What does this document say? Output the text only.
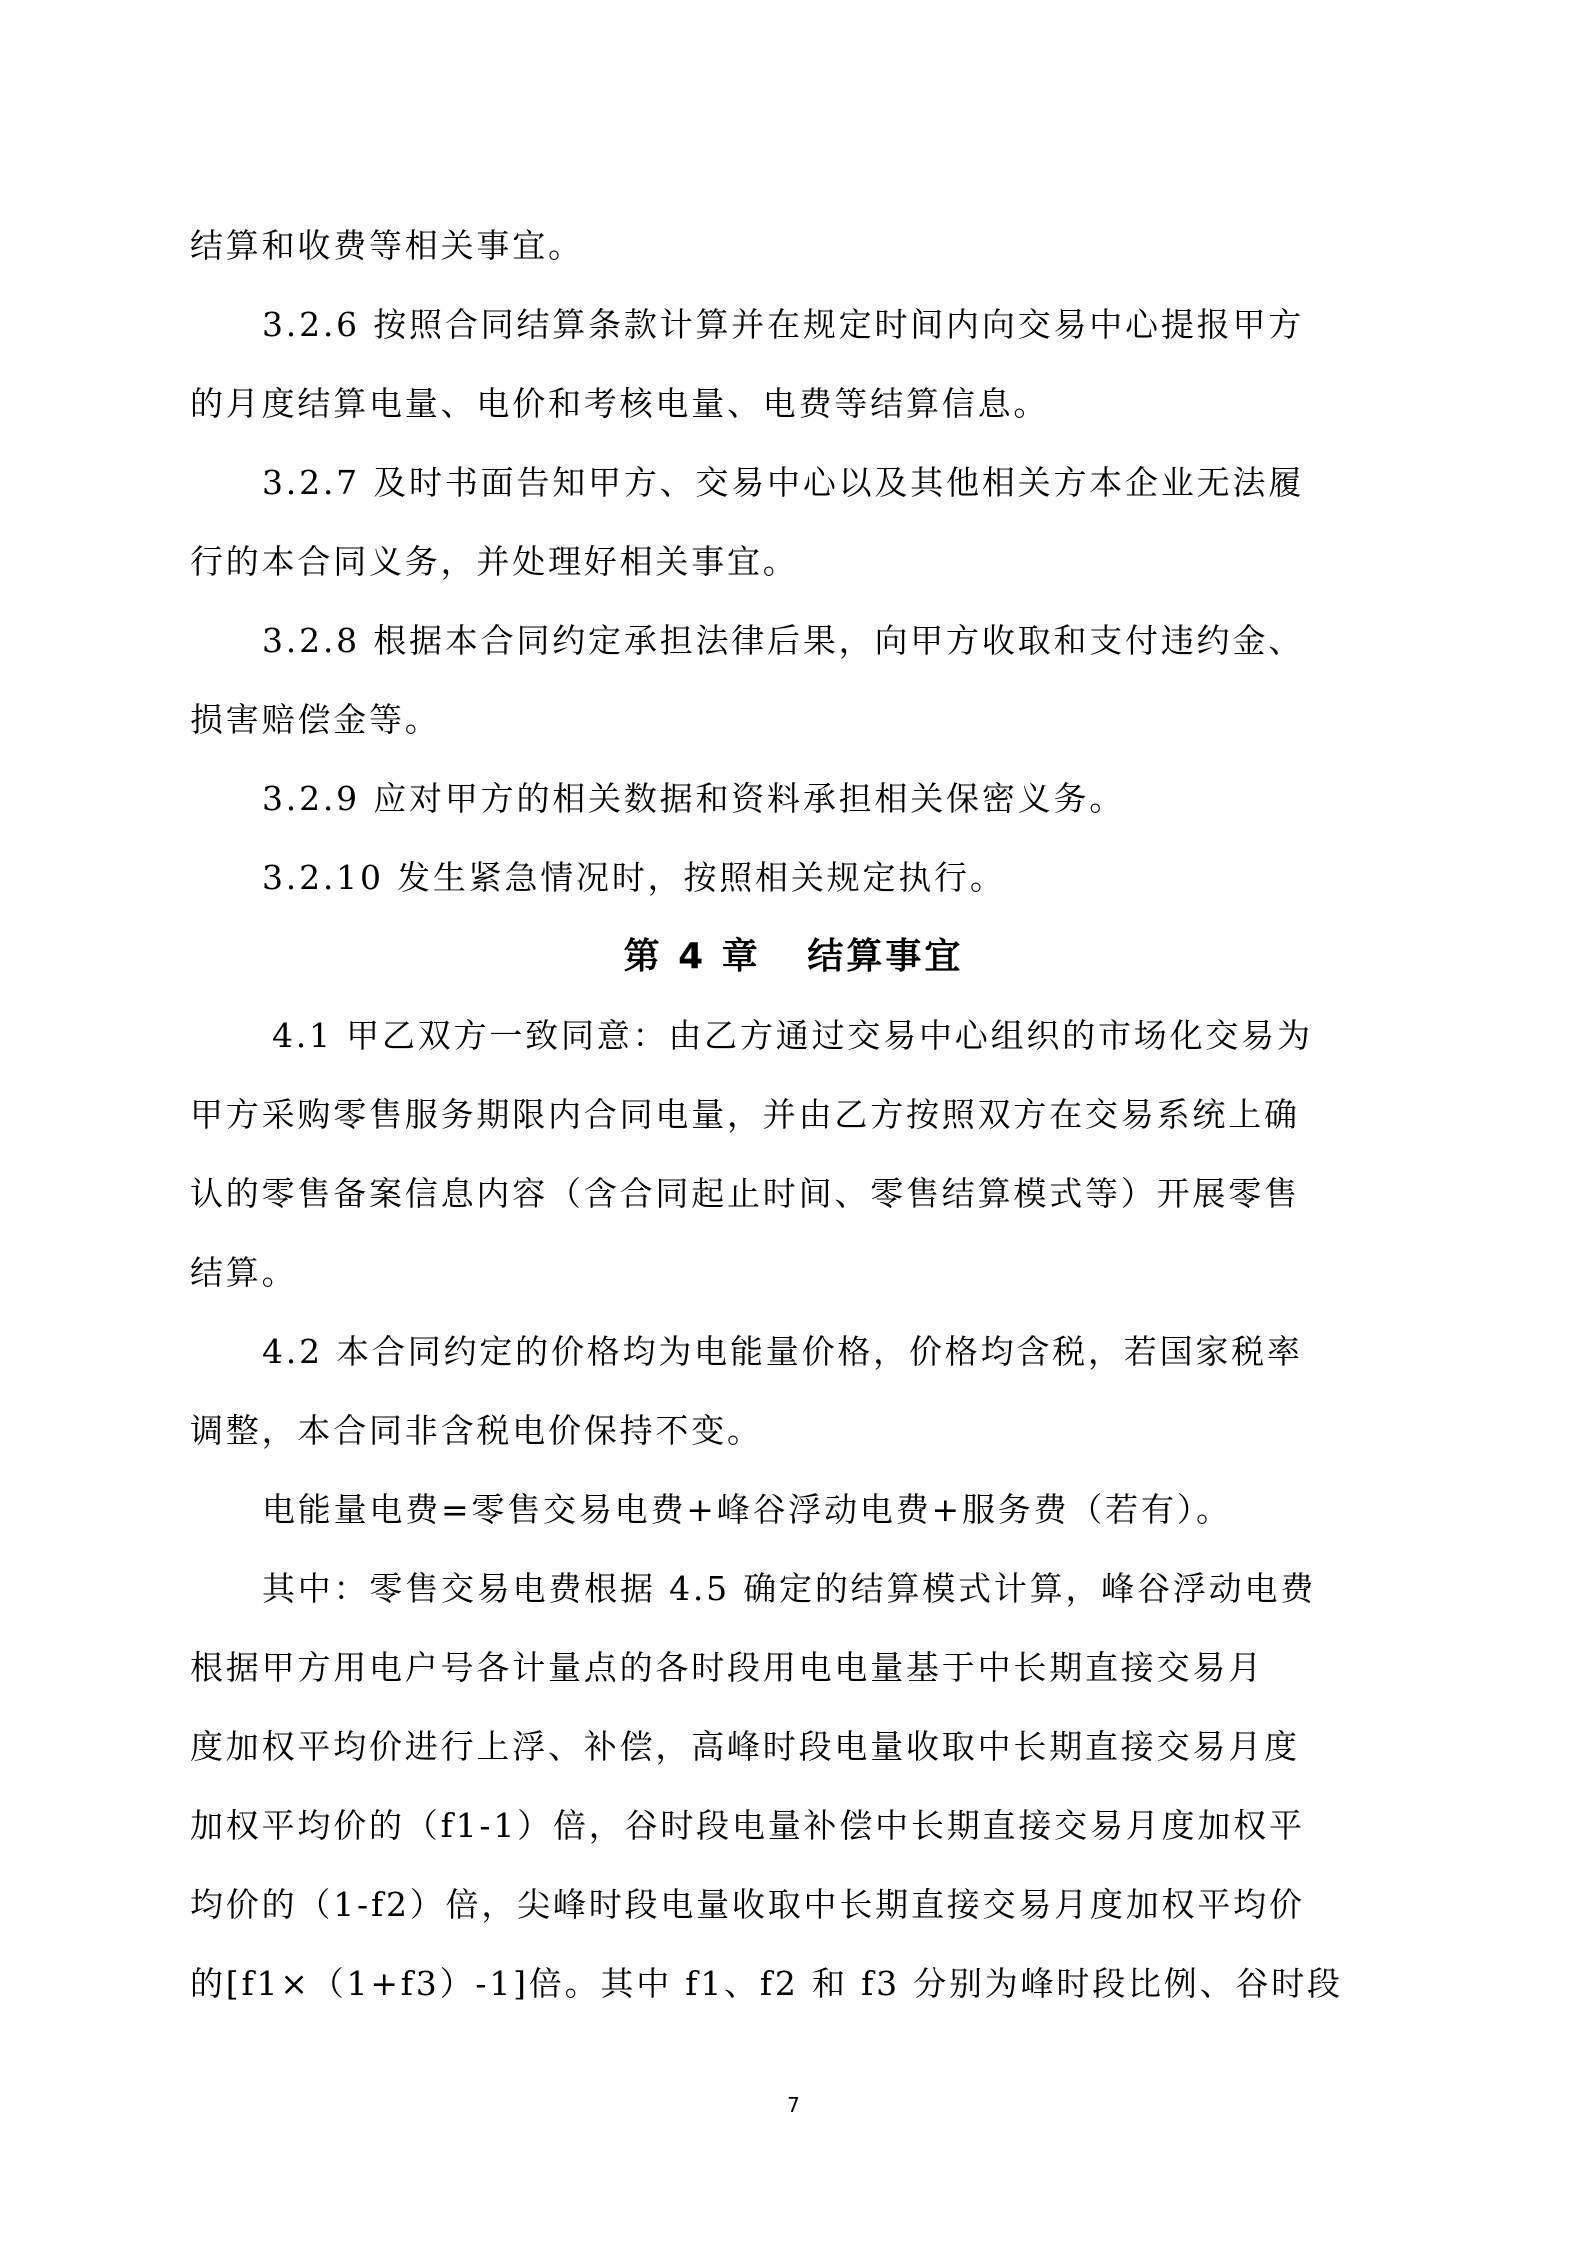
结算和收费等相关事宜。
3.2.6 按照合同结算条款计算并在规定时间内向交易中心提报甲方
的月度结算电量、电价和考核电量、电费等结算信息。
3.2.7 及时书面告知甲方、交易中心以及其他相关方本企业无法履
行的本合同义务，并处理好相关事宜。
3.2.8 根据本合同约定承担法律后果，向甲方收取和支付违约金、
损害赔偿金等。
3.2.9 应对甲方的相关数据和资料承担相关保密义务。
3.2.10 发生紧急情况时，按照相关规定执行。
第 4 章   结算事宜
4.1 甲乙双方一致同意：由乙方通过交易中心组织的市场化交易为
甲方采购零售服务期限内合同电量，并由乙方按照双方在交易系统上确
认的零售备案信息内容（含合同起止时间、零售结算模式等）开展零售
结算。
4.2 本合同约定的价格均为电能量价格，价格均含税，若国家税率
调整，本合同非含税电价保持不变。
电能量电费=零售交易电费+峰谷浮动电费+服务费（若有）。
其中：零售交易电费根据 4.5 确定的结算模式计算，峰谷浮动电费
根据甲方用电户号各计量点的各时段用电电量基于中长期直接交易月
度加权平均价进行上浮、补偿，高峰时段电量收取中长期直接交易月度
加权平均价的（f1-1）倍，谷时段电量补偿中长期直接交易月度加权平
均价的（1-f2）倍，尖峰时段电量收取中长期直接交易月度加权平均价
的[f1×（1+f3）-1]倍。其中 f1、f2 和 f3 分别为峰时段比例、谷时段
7
